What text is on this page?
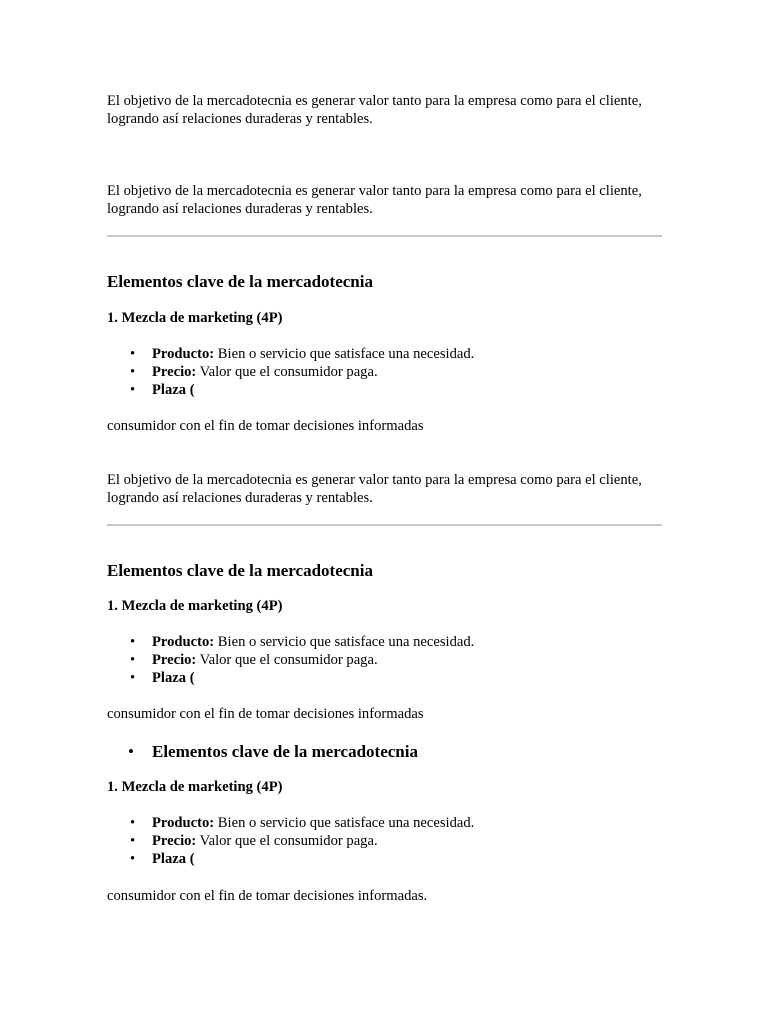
El objetivo de la mercadotecnia es generar valor tanto para la empresa como para el cliente, logrando así relaciones duraderas y rentables.

El objetivo de la mercadotecnia es generar valor tanto para la empresa como para el cliente, logrando así relaciones duraderas y rentables.

Elementos clave de la mercadotecnia

1. Mezcla de marketing (4P)

• Producto: Bien o servicio que satisface una necesidad.
• Precio: Valor que el consumidor paga.
• Plaza (

consumidor con el fin de tomar decisiones informadas

El objetivo de la mercadotecnia es generar valor tanto para la empresa como para el cliente, logrando así relaciones duraderas y rentables.

Elementos clave de la mercadotecnia

1. Mezcla de marketing (4P)

• Producto: Bien o servicio que satisface una necesidad.
• Precio: Valor que el consumidor paga.
• Plaza (

consumidor con el fin de tomar decisiones informadas

• Elementos clave de la mercadotecnia

1. Mezcla de marketing (4P)

• Producto: Bien o servicio que satisface una necesidad.
• Precio: Valor que el consumidor paga.
• Plaza (

consumidor con el fin de tomar decisiones informadas.
